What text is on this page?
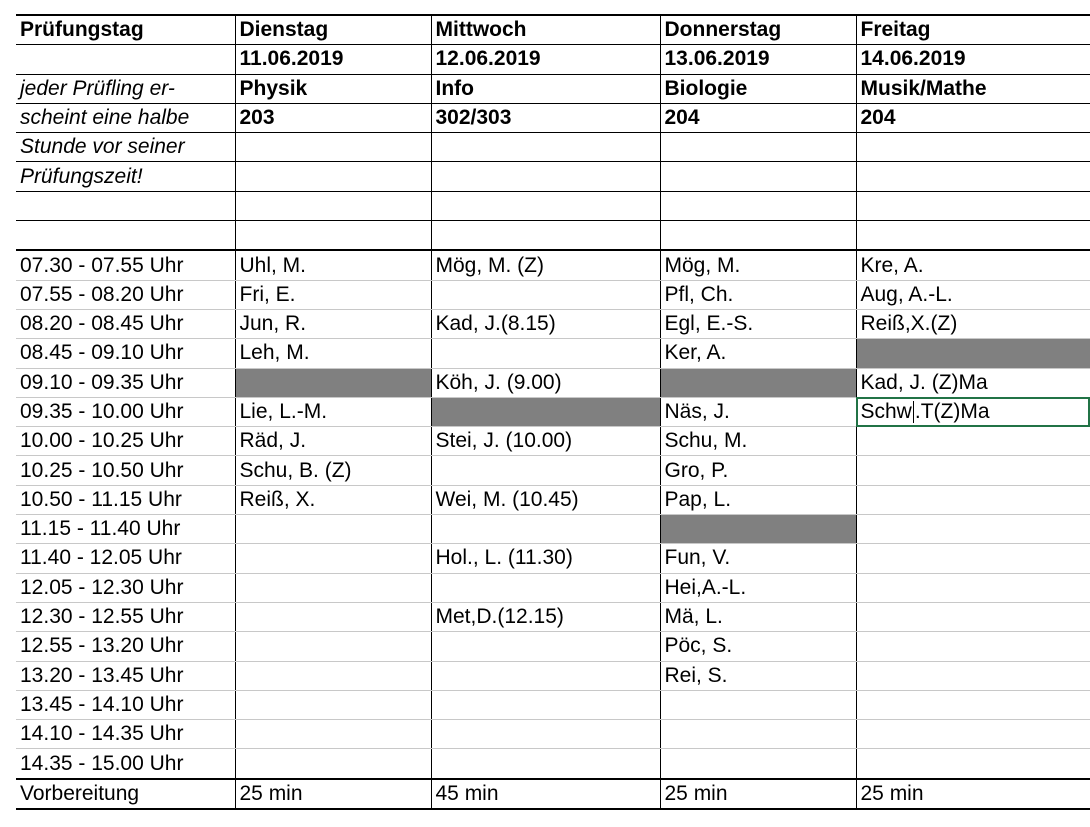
Prüfungstag	Dienstag	Mittwoch	Donnerstag	Freitag
	11.06.2019	12.06.2019	13.06.2019	14.06.2019
jeder Prüfling er-	Physik	Info	Biologie	Musik/Mathe
scheint eine halbe	203	302/303	204	204
Stunde vor seiner				
Prüfungszeit!				

07.30 - 07.55 Uhr	Uhl, M.	Mög, M. (Z)	Mög, M.	Kre, A.
07.55 - 08.20 Uhr	Fri, E.		Pfl, Ch.	Aug, A.-L.
08.20 - 08.45 Uhr	Jun, R.	Kad, J.(8.15)	Egl, E.-S.	Reiß,X.(Z)
08.45 - 09.10 Uhr	Leh, M.		Ker, A.	
09.10 - 09.35 Uhr		Köh, J. (9.00)		Kad, J. (Z)Ma
09.35 - 10.00 Uhr	Lie, L.-M.		Näs, J.	Schw .T(Z)Ma
10.00 - 10.25 Uhr	Räd, J.	Stei, J. (10.00)	Schu, M.	
10.25 - 10.50 Uhr	Schu, B. (Z)		Gro, P.	
10.50 - 11.15 Uhr	Reiß, X.	Wei, M. (10.45)	Pap, L.	
11.15 - 11.40 Uhr				
11.40 - 12.05 Uhr		Hol., L. (11.30)	Fun, V.	
12.05 - 12.30 Uhr			Hei,A.-L.	
12.30 - 12.55 Uhr		Met,D.(12.15)	Mä, L.	
12.55 - 13.20 Uhr			Pöc, S.	
13.20 - 13.45 Uhr			Rei, S.	
13.45 - 14.10 Uhr				
14.10 - 14.35 Uhr				
14.35 - 15.00 Uhr				
Vorbereitung	25 min	45 min	25 min	25 min
